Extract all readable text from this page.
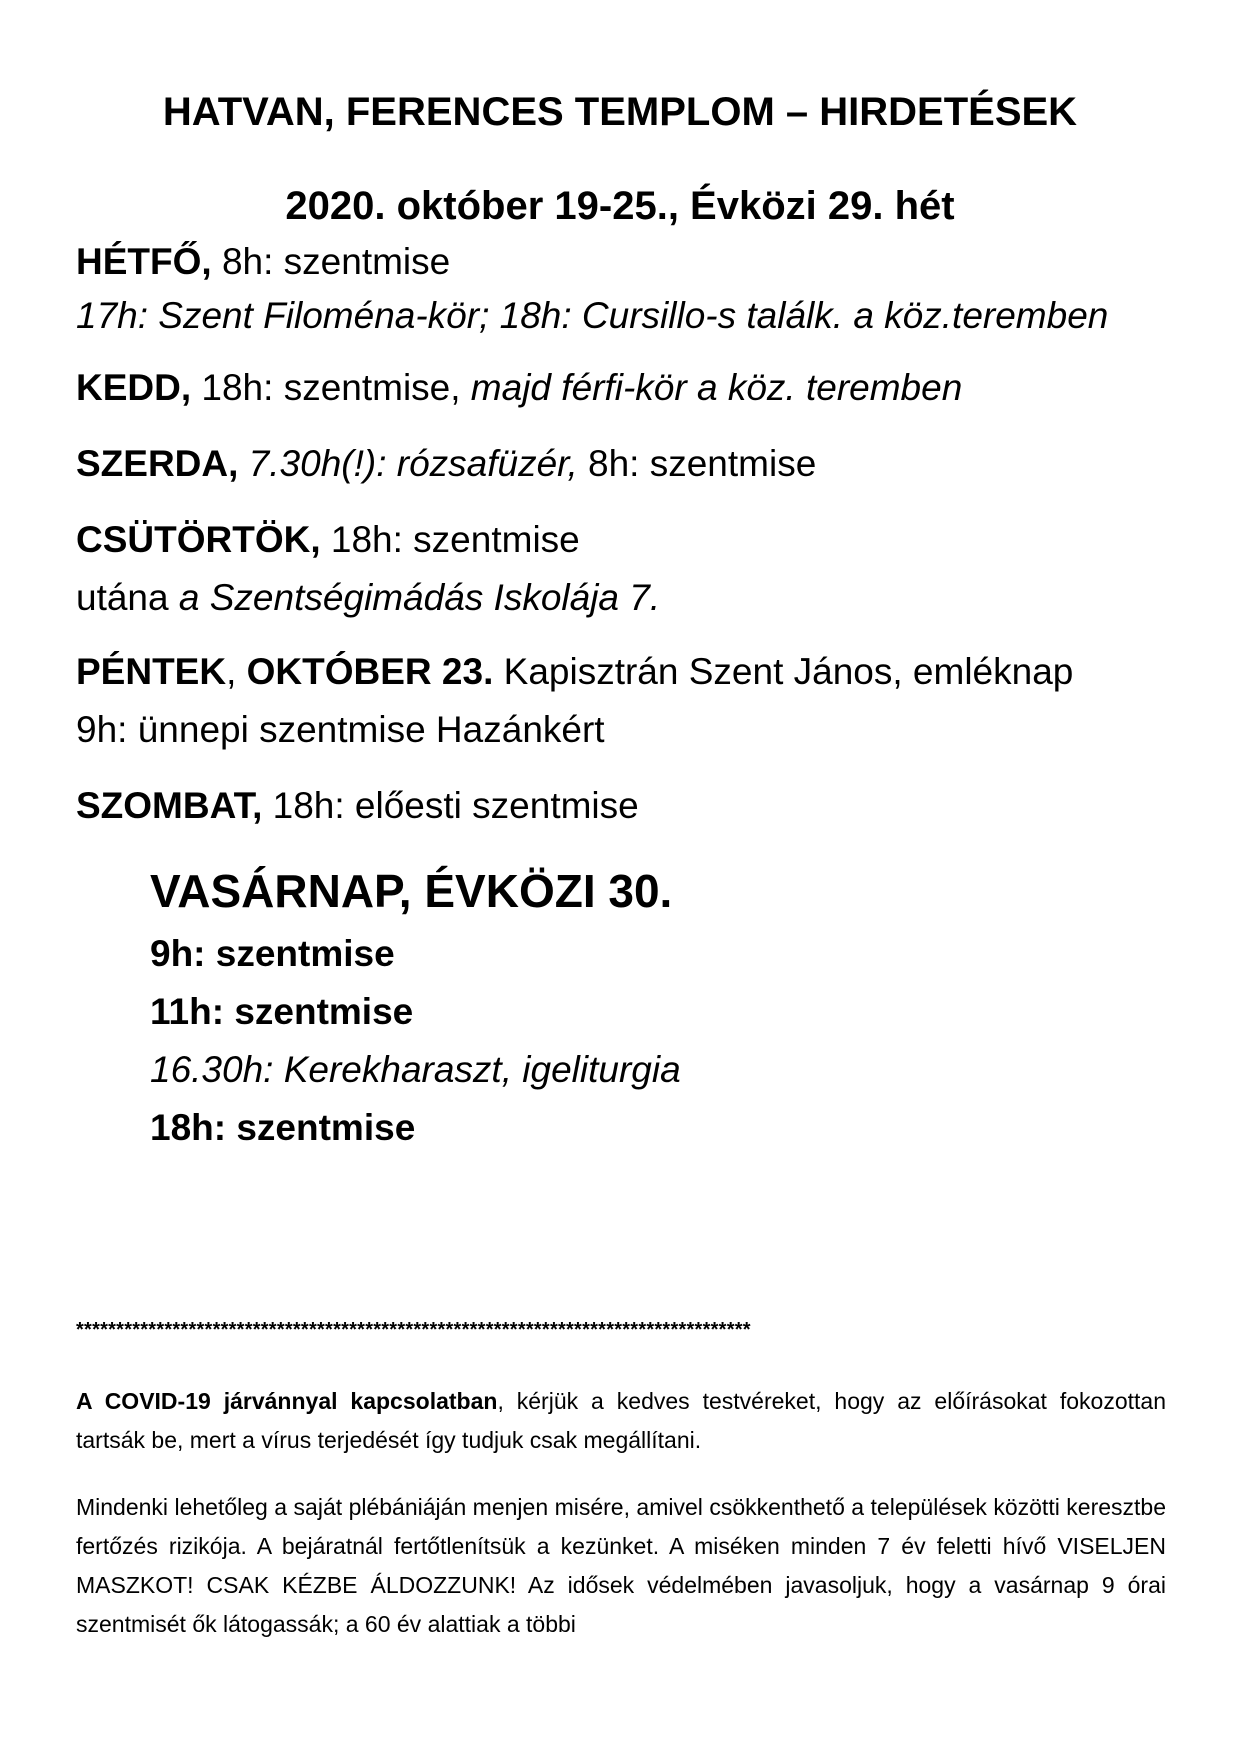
HATVAN, FERENCES TEMPLOM – HIRDETÉSEK
2020. október 19-25., Évközi 29. hét

HÉTFŐ, 8h: szentmise

17h: Szent Filoména-kör; 18h: Cursillo-s találk. a köz.teremben

KEDD, 18h: szentmise, majd férfi-kör a köz. teremben

SZERDA, 7.30h(!): rózsafüzér, 8h: szentmise

CSÜTÖRTÖK, 18h: szentmise

utána a Szentségimádás Iskolája 7.

PÉNTEK, OKTÓBER 23. Kapisztrán Szent János, emléknap

9h: ünnepi szentmise Hazánkért

SZOMBAT, 18h: előesti szentmise

VASÁRNAP, ÉVKÖZI 30.

9h: szentmise

11h: szentmise

16.30h: Kerekharaszt, igeliturgia

18h: szentmise

************************************************************************************

A COVID-19 járvánnyal kapcsolatban, kérjük a kedves testvéreket, hogy az előírásokat fokozottan tartsák be, mert a vírus terjedését így tudjuk csak megállítani.

Mindenki lehetőleg a saját plébániáján menjen misére, amivel csökkenthető a települések közötti keresztbe fertőzés rizikója. A bejáratnál fertőtlenítsük a kezünket. A miséken minden 7 év feletti hívő VISELJEN MASZKOT! CSAK KÉZBE ÁLDOZZUNK! Az idősek védelmében javasoljuk, hogy a vasárnap 9 órai szentmisét ők látogassák; a 60 év alattiak a többi
